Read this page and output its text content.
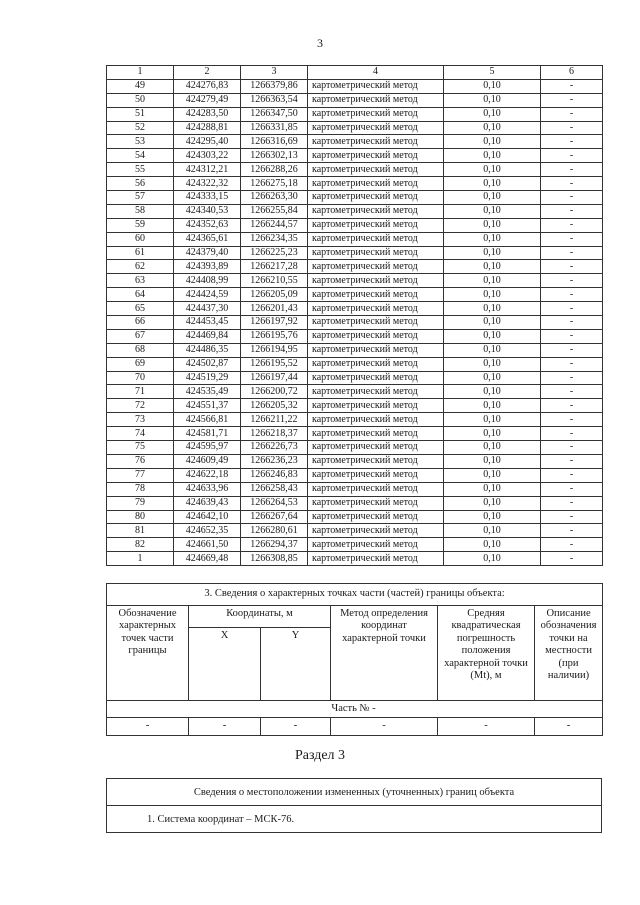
3
1	2	3	4	5	6
49	424276,83	1266379,86	картометрический метод	0,10	-
50	424279,49	1266363,54	картометрический метод	0,10	-
51	424283,50	1266347,50	картометрический метод	0,10	-
52	424288,81	1266331,85	картометрический метод	0,10	-
53	424295,40	1266316,69	картометрический метод	0,10	-
54	424303,22	1266302,13	картометрический метод	0,10	-
55	424312,21	1266288,26	картометрический метод	0,10	-
56	424322,32	1266275,18	картометрический метод	0,10	-
57	424333,15	1266263,30	картометрический метод	0,10	-
58	424340,53	1266255,84	картометрический метод	0,10	-
59	424352,63	1266244,57	картометрический метод	0,10	-
60	424365,61	1266234,35	картометрический метод	0,10	-
61	424379,40	1266225,23	картометрический метод	0,10	-
62	424393,89	1266217,28	картометрический метод	0,10	-
63	424408,99	1266210,55	картометрический метод	0,10	-
64	424424,59	1266205,09	картометрический метод	0,10	-
65	424437,30	1266201,43	картометрический метод	0,10	-
66	424453,45	1266197,92	картометрический метод	0,10	-
67	424469,84	1266195,76	картометрический метод	0,10	-
68	424486,35	1266194,95	картометрический метод	0,10	-
69	424502,87	1266195,52	картометрический метод	0,10	-
70	424519,29	1266197,44	картометрический метод	0,10	-
71	424535,49	1266200,72	картометрический метод	0,10	-
72	424551,37	1266205,32	картометрический метод	0,10	-
73	424566,81	1266211,22	картометрический метод	0,10	-
74	424581,71	1266218,37	картометрический метод	0,10	-
75	424595,97	1266226,73	картометрический метод	0,10	-
76	424609,49	1266236,23	картометрический метод	0,10	-
77	424622,18	1266246,83	картометрический метод	0,10	-
78	424633,96	1266258,43	картометрический метод	0,10	-
79	424639,43	1266264,53	картометрический метод	0,10	-
80	424642,10	1266267,64	картометрический метод	0,10	-
81	424652,35	1266280,61	картометрический метод	0,10	-
82	424661,50	1266294,37	картометрический метод	0,10	-
1	424669,48	1266308,85	картометрический метод	0,10	-
3. Сведения о характерных точках части (частей) границы объекта:					
Обозначение характерных точек части границы	Координаты, м		Метод определения координат характерной точки	Средняя квадратическая погрешность положения характерной точки (Mt), м	Описание обозначения точки на местности (при наличии)
	X	Y			
Часть № -					
-	-	-	-	-	-
Раздел 3
Сведения о местоположении измененных (уточненных) границ объекта
1. Система координат – МСК-76.
